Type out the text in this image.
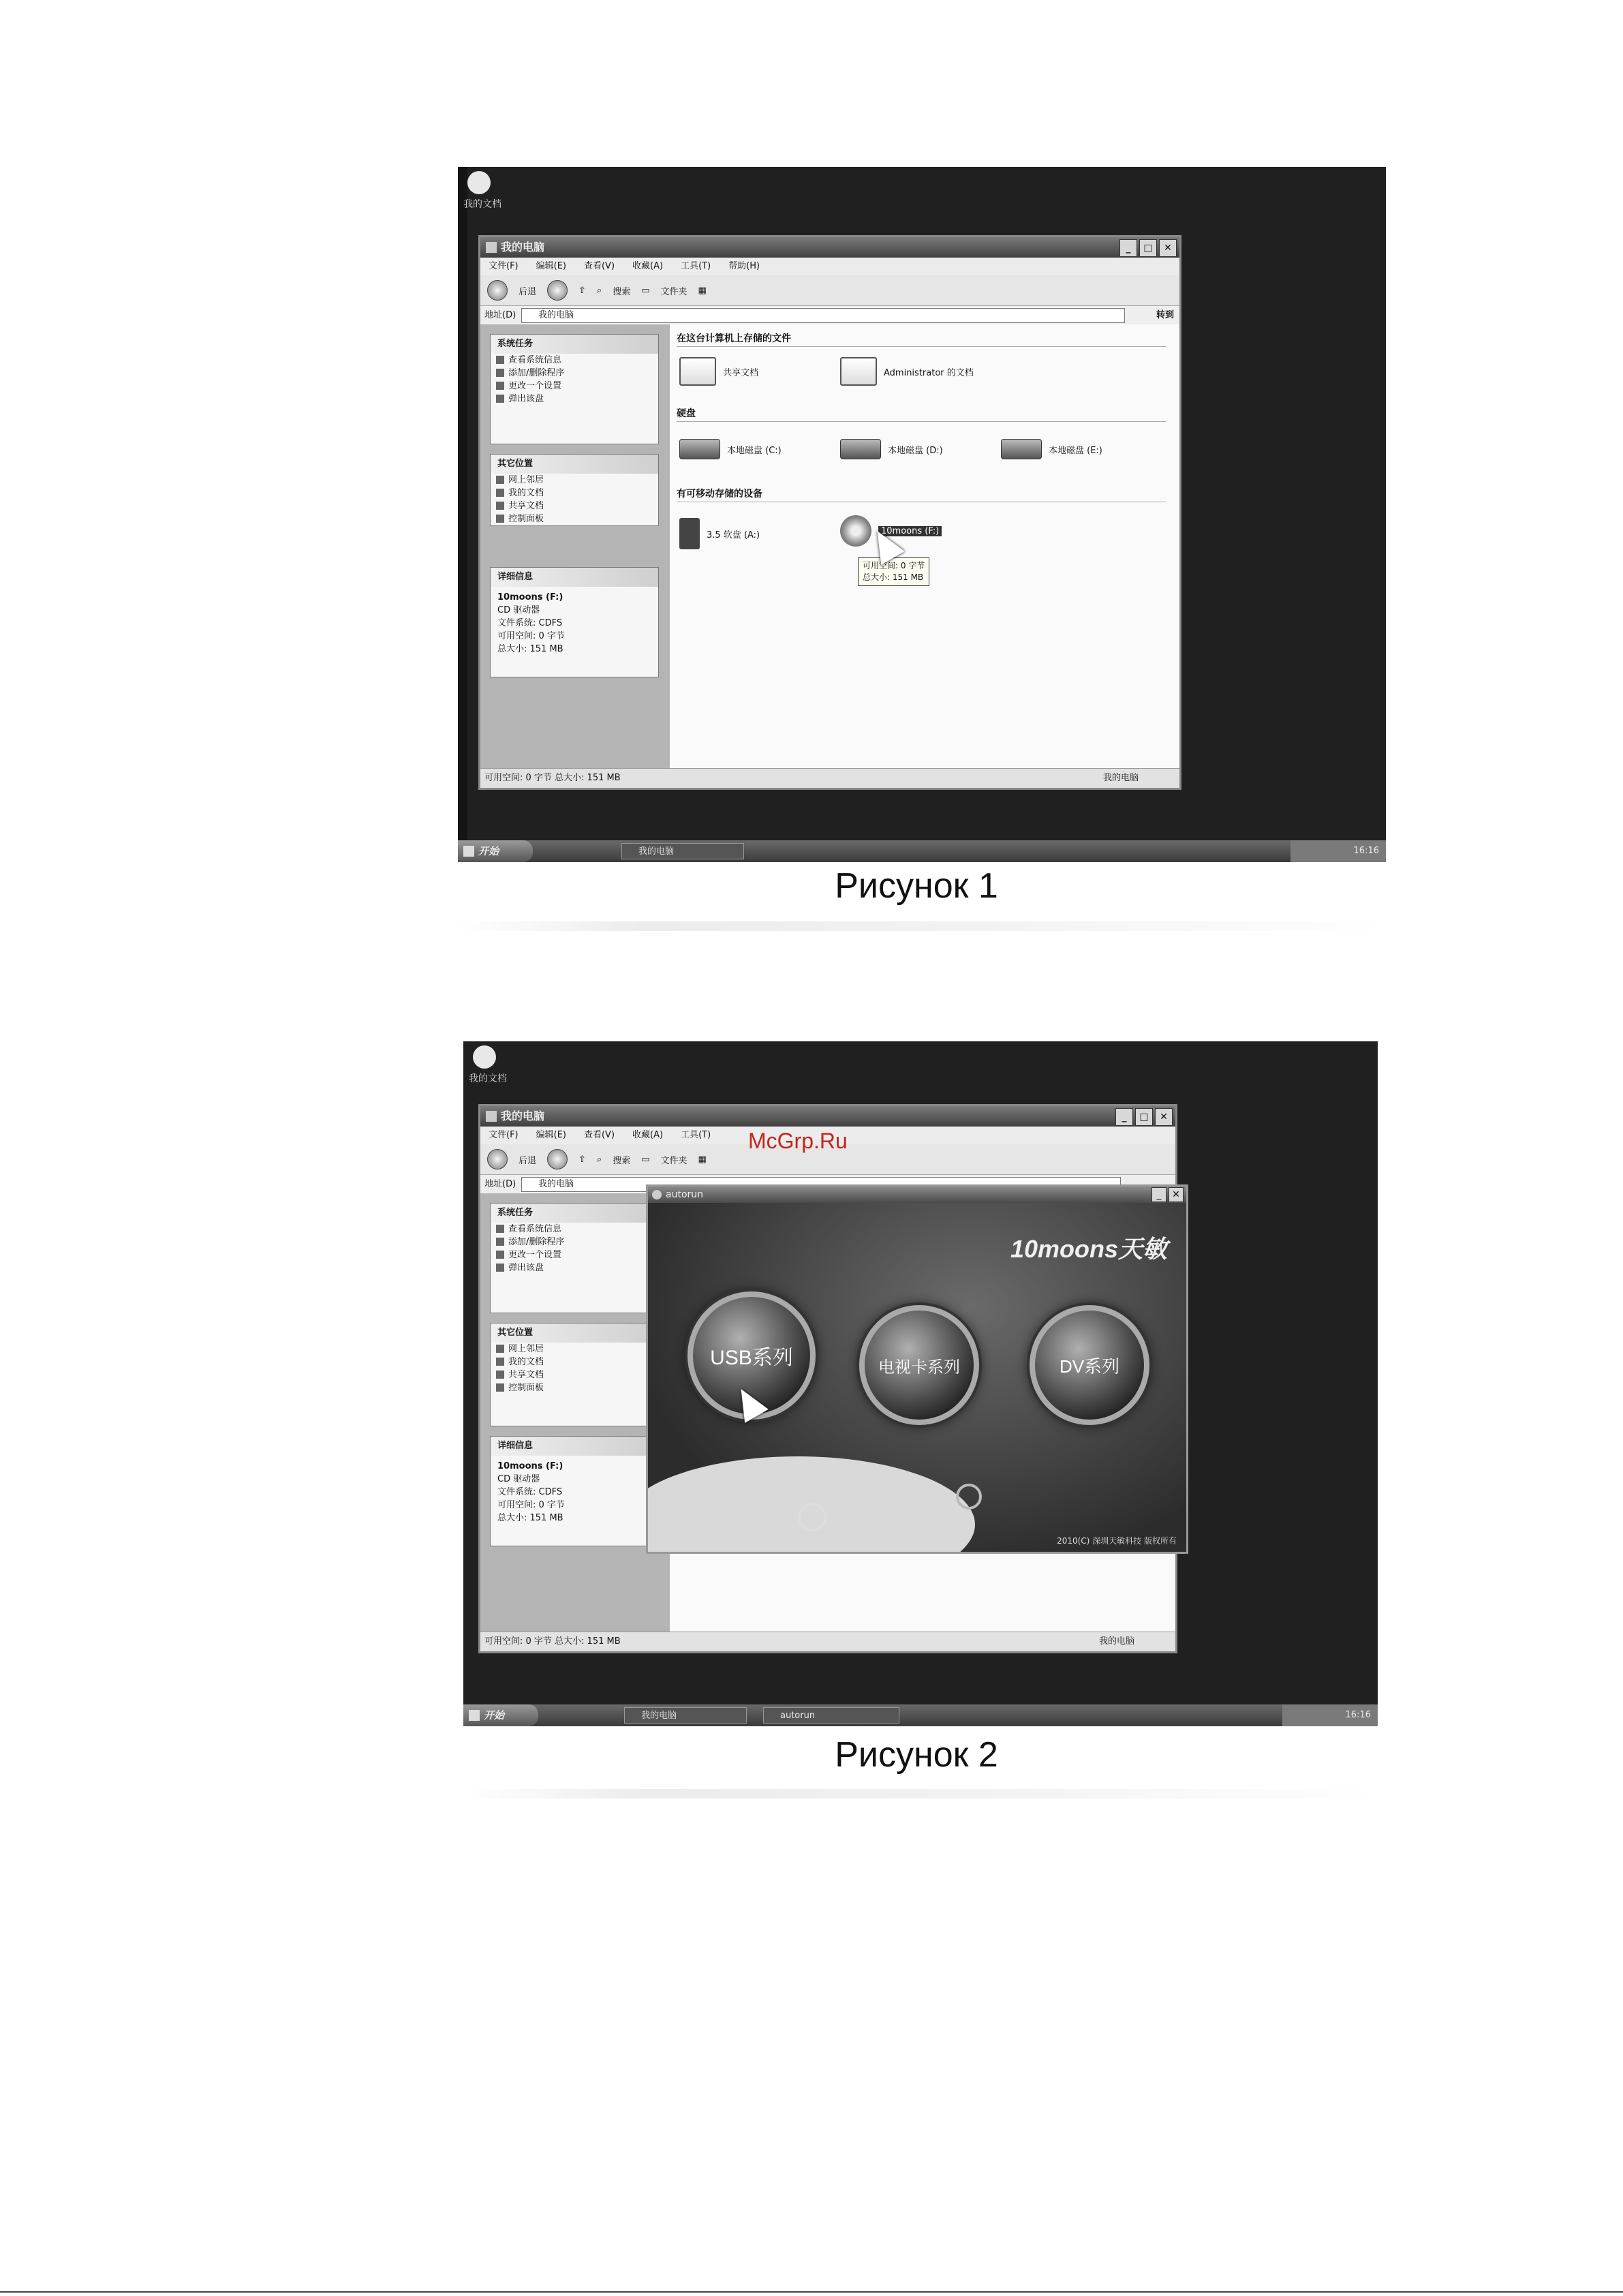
我的文档
我的电脑	_	□	✕
文件(F) 编辑(E) 查看(V) 收藏(A) 工具(T) 帮助(H)
后退	⇧ ⌕ 搜索 ▭ 文件夹 ▦
地址(D)	我的电脑	转到
系统任务
查看系统信息
添加/删除程序
更改一个设置
弹出该盘
其它位置
网上邻居
我的文档
共享文档
控制面板
详细信息
10moons (F:)
CD 驱动器
文件系统: CDFS
可用空间: 0 字节
总大小: 151 MB
在这台计算机上存储的文件
共享文档	Administrator 的文档
硬盘
本地磁盘 (C:)	本地磁盘 (D:)	本地磁盘 (E:)
有可移动存储的设备
3.5 软盘 (A:)	10moons (F:)
可用空间: 0 字节
总大小: 151 MB
可用空间: 0 字节 总大小: 151 MB	我的电脑
开始	我的电脑	16:16
Рисунок 1
我的文档
我的电脑	_	□	✕
文件(F) 编辑(E) 查看(V) 收藏(A) 工具(T)
后退	⇧ ⌕ 搜索 ▭ 文件夹 ▦
地址(D)	我的电脑
系统任务
查看系统信息
添加/删除程序
更改一个设置
弹出该盘
其它位置
网上邻居
我的文档
共享文档
控制面板
详细信息
10moons (F:)
CD 驱动器
文件系统: CDFS
可用空间: 0 字节
总大小: 151 MB
可用空间: 0 字节 总大小: 151 MB	我的电脑
McGrp.Ru
autorun	_	✕
10moons天敏
USB系列	电视卡系列	DV系列
2010(C) 深圳天敏科技 版权所有
开始	我的电脑	autorun	16:16
Рисунок 2
